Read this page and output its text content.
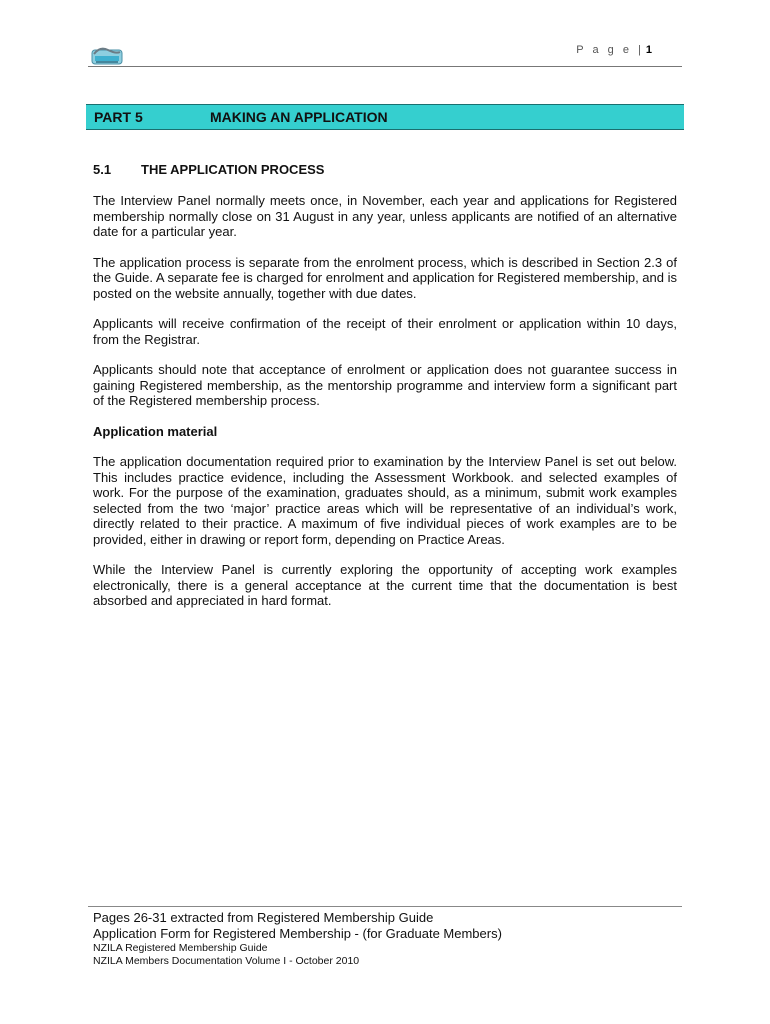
P a g e | 1
PART 5	MAKING AN APPLICATION
5.1 THE APPLICATION PROCESS

The Interview Panel normally meets once, in November, each year and applications for Registered membership normally close on 31 August in any year, unless applicants are notified of an alternative date for a particular year.

The application process is separate from the enrolment process, which is described in Section 2.3 of the Guide. A separate fee is charged for enrolment and application for Registered membership, and is posted on the website annually, together with due dates.

Applicants will receive confirmation of the receipt of their enrolment or application within 10 days, from the Registrar.

Applicants should note that acceptance of enrolment or application does not guarantee success in gaining Registered membership, as the mentorship programme and interview form a significant part of the Registered membership process.

Application material

The application documentation required prior to examination by the Interview Panel is set out below. This includes practice evidence, including the Assessment Workbook. and selected examples of work. For the purpose of the examination, graduates should, as a minimum, submit work examples selected from the two ‘major’ practice areas which will be representative of an individual’s work, directly related to their practice. A maximum of five individual pieces of work examples are to be provided, either in drawing or report form, depending on Practice Areas.

While the Interview Panel is currently exploring the opportunity of accepting work examples electronically, there is a general acceptance at the current time that the documentation is best absorbed and appreciated in hard format.

Pages 26-31 extracted from Registered Membership Guide
Application Form for Registered Membership - (for Graduate Members)
NZILA Registered Membership Guide
NZILA Members Documentation Volume I - October 2010
